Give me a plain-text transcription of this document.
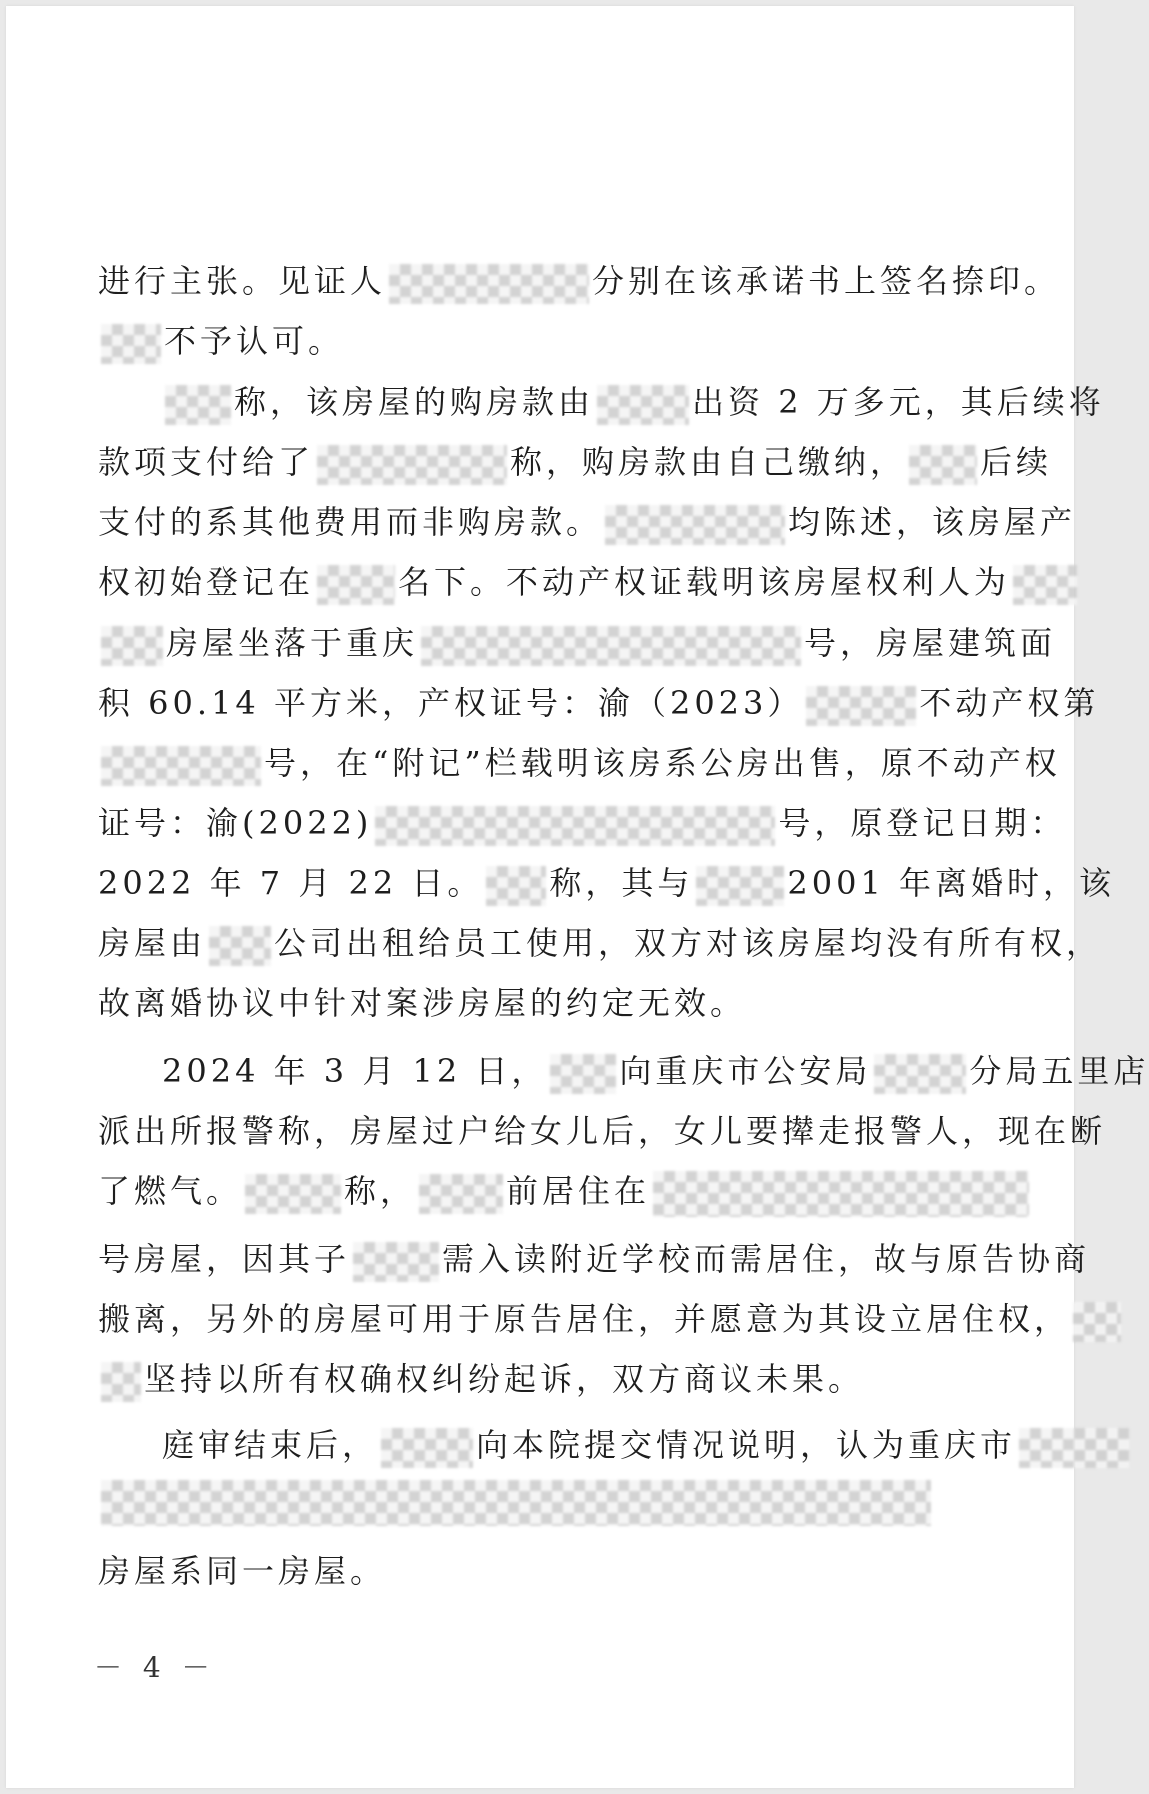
进行主张。见证人	分别在该承诺书上签名捺印。
不予认可。
称，该房屋的购房款由	出资 2 万多元，其后续将
款项支付给了	称，购房款由自己缴纳， 后续
支付的系其他费用而非购房款。	均陈述，该房屋产
权初始登记在	名下。不动产权证载明该房屋权利人为
房屋坐落于重庆	号，房屋建筑面
积 60.14 平方米，产权证号：渝（2023）	不动产权第
号，在“附记”栏载明该房系公房出售，原不动产权
证号：渝(2022)	号，原登记日期：
2022 年 7 月 22 日。 称，其与	2001 年离婚时，该
房屋由 公司出租给员工使用，双方对该房屋均没有所有权，
故离婚协议中针对案涉房屋的约定无效。
2024 年 3 月 12 日， 向重庆市公安局	分局五里店
派出所报警称，房屋过户给女儿后，女儿要撵走报警人，现在断
了燃气。	称，	前居住在
号房屋，因其子	需入读附近学校而需居住，故与原告协商
搬离，另外的房屋可用于原告居住，并愿意为其设立居住权，
坚持以所有权确权纠纷起诉，双方商议未果。
庭审结束后，	向本院提交情况说明，认为重庆市
房屋系同一房屋。
－ 4 －
